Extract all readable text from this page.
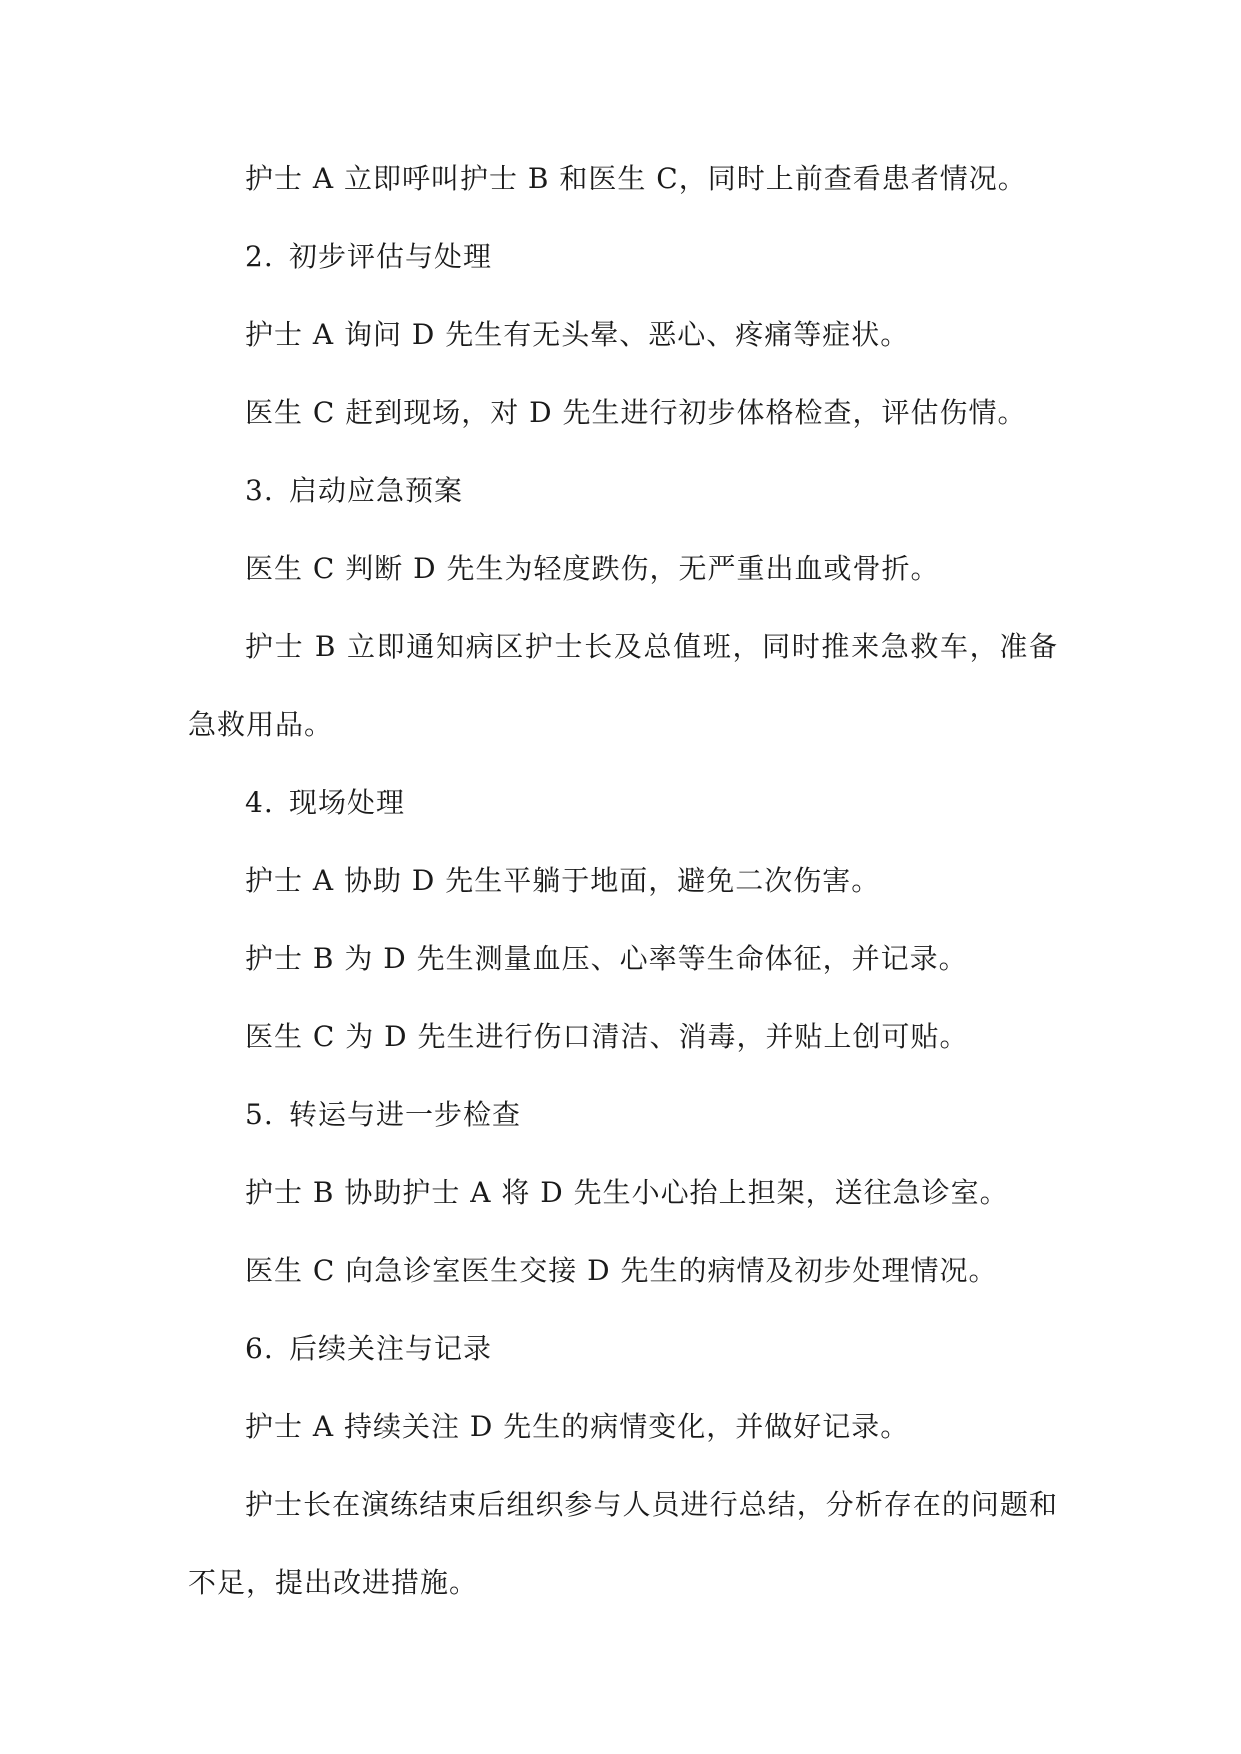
护士 A 立即呼叫护士 B 和医生 C，同时上前查看患者情况。

2. 初步评估与处理

护士 A 询问 D 先生有无头晕、恶心、疼痛等症状。

医生 C 赶到现场，对 D 先生进行初步体格检查，评估伤情。

3. 启动应急预案

医生 C 判断 D 先生为轻度跌伤，无严重出血或骨折。

护士 B 立即通知病区护士长及总值班，同时推来急救车，准备急救用品。

4. 现场处理

护士 A 协助 D 先生平躺于地面，避免二次伤害。

护士 B 为 D 先生测量血压、心率等生命体征，并记录。

医生 C 为 D 先生进行伤口清洁、消毒，并贴上创可贴。

5. 转运与进一步检查

护士 B 协助护士 A 将 D 先生小心抬上担架，送往急诊室。

医生 C 向急诊室医生交接 D 先生的病情及初步处理情况。

6. 后续关注与记录

护士 A 持续关注 D 先生的病情变化，并做好记录。

护士长在演练结束后组织参与人员进行总结，分析存在的问题和不足，提出改进措施。
